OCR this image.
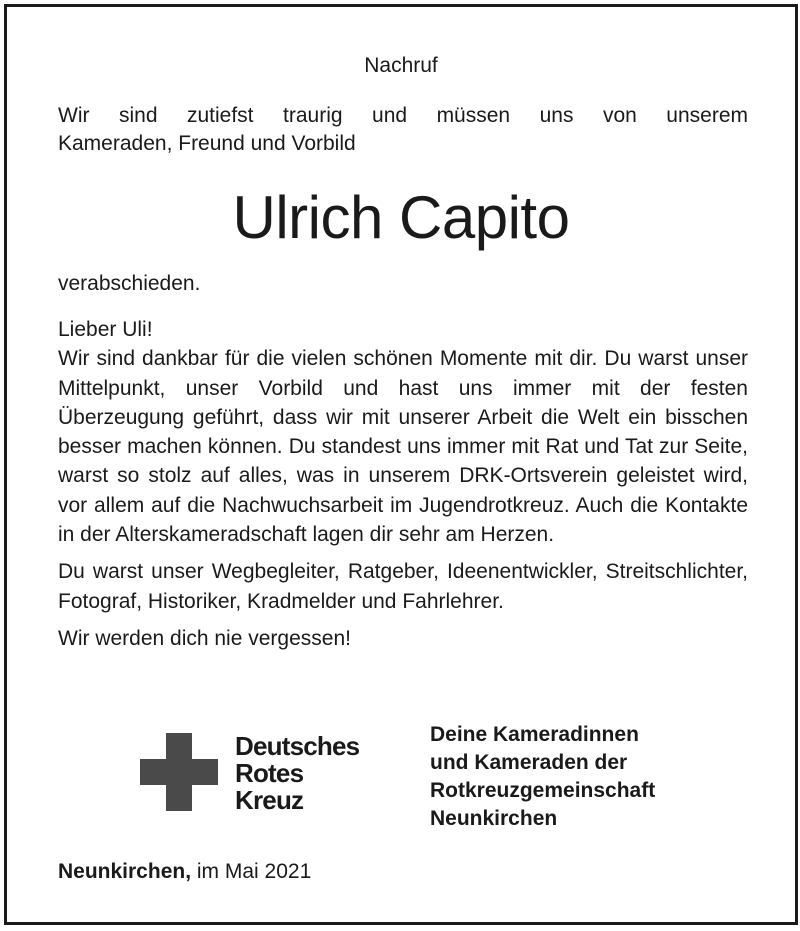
Nachruf
Wir sind zutiefst traurig und müssen uns von unserem
Kameraden, Freund und Vorbild
Ulrich Capito
verabschieden.

Lieber Uli!

Wir sind dankbar für die vielen schönen Momente mit dir. Du warst unser Mittelpunkt, unser Vorbild und hast uns immer mit der festen Überzeugung geführt, dass wir mit unserer Arbeit die Welt ein bisschen besser machen können. Du standest uns immer mit Rat und Tat zur Seite, warst so stolz auf alles, was in unserem DRK-Ortsverein geleistet wird, vor allem auf die Nachwuchsarbeit im Jugendrotkreuz. Auch die Kontakte in der Alterskameradschaft lagen dir sehr am Herzen.

Du warst unser Wegbegleiter, Ratgeber, Ideenentwickler, Streitschlichter, Fotograf, Historiker, Kradmelder und Fahrlehrer.

Wir werden dich nie vergessen!

Deutsches
Rotes
Kreuz
Deine Kameradinnen
und Kameraden der
Rotkreuzgemeinschaft
Neunkirchen
Neunkirchen, im Mai 2021
